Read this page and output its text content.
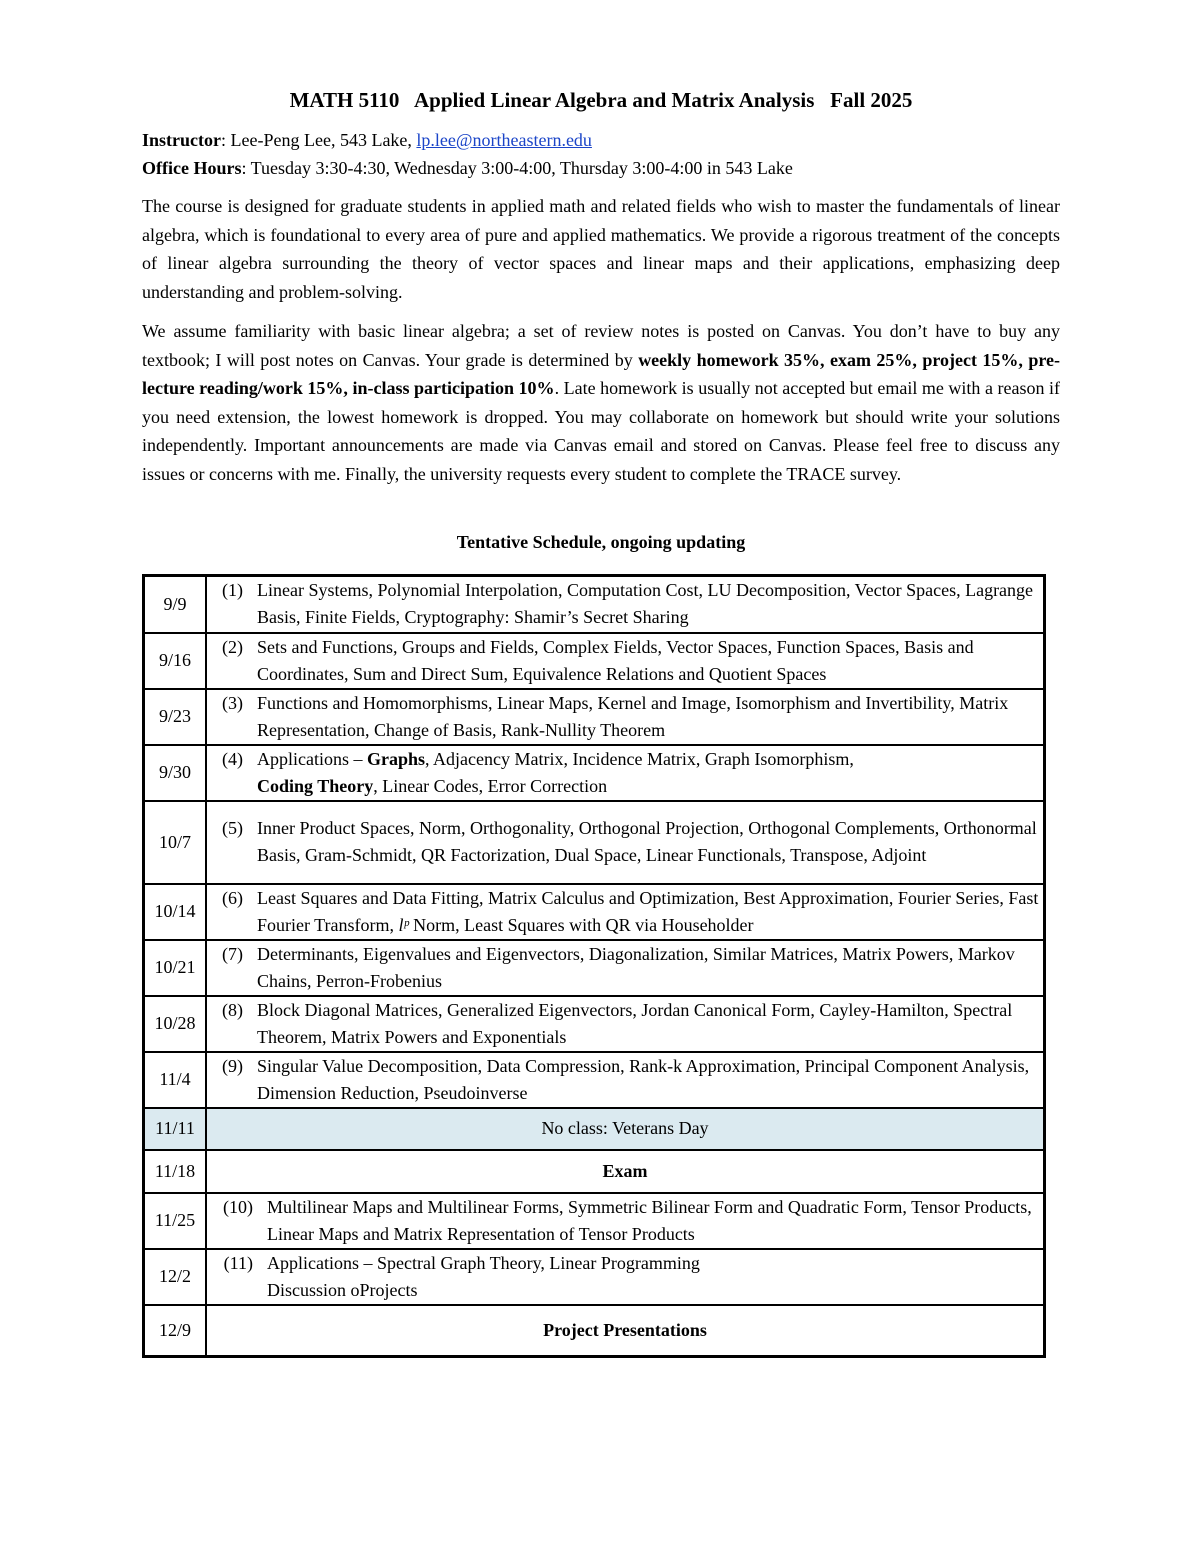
MATH 5110   Applied Linear Algebra and Matrix Analysis   Fall 2025
Instructor: Lee-Peng Lee, 543 Lake, lp.lee@northeastern.edu
Office Hours: Tuesday 3:30-4:30, Wednesday 3:00-4:00, Thursday 3:00-4:00 in 543 Lake
The course is designed for graduate students in applied math and related fields who wish to master the fundamentals of linear algebra, which is foundational to every area of pure and applied mathematics. We provide a rigorous treatment of the concepts of linear algebra surrounding the theory of vector spaces and linear maps and their applications, emphasizing deep understanding and problem-solving.
We assume familiarity with basic linear algebra; a set of review notes is posted on Canvas. You don’t have to buy any textbook; I will post notes on Canvas. Your grade is determined by weekly homework 35%, exam 25%, project 15%, pre-lecture reading/work 15%, in-class participation 10%. Late homework is usually not accepted but email me with a reason if you need extension, the lowest homework is dropped. You may collaborate on homework but should write your solutions independently. Important announcements are made via Canvas email and stored on Canvas. Please feel free to discuss any issues or concerns with me. Finally, the university requests every student to complete the TRACE survey.
Tentative Schedule, ongoing updating
9/9	(1) Linear Systems, Polynomial Interpolation, Computation Cost, LU Decomposition, Vector Spaces, Lagrange Basis, Finite Fields, Cryptography: Shamir’s Secret Sharing

9/16	(2) Sets and Functions, Groups and Fields, Complex Fields, Vector Spaces, Function Spaces, Basis and Coordinates, Sum and Direct Sum, Equivalence Relations and Quotient Spaces

9/23	(3) Functions and Homomorphisms, Linear Maps, Kernel and Image, Isomorphism and Invertibility, Matrix Representation, Change of Basis, Rank-Nullity Theorem

9/30	(4) Applications – Graphs, Adjacency Matrix, Incidence Matrix, Graph Isomorphism,
Coding Theory, Linear Codes, Error Correction

10/7	(5) Inner Product Spaces, Norm, Orthogonality, Orthogonal Projection, Orthogonal Complements, Orthonormal Basis, Gram-Schmidt, QR Factorization, Dual Space, Linear Functionals, Transpose, Adjoint

10/14	(6) Least Squares and Data Fitting, Matrix Calculus and Optimization, Best Approximation, Fourier Series, Fast Fourier Transform, lᵖ Norm, Least Squares with QR via Householder

10/21	(7) Determinants, Eigenvalues and Eigenvectors, Diagonalization, Similar Matrices, Matrix Powers, Markov Chains, Perron-Frobenius

10/28	(8) Block Diagonal Matrices, Generalized Eigenvectors, Jordan Canonical Form, Cayley-Hamilton, Spectral Theorem, Matrix Powers and Exponentials

11/4	(9) Singular Value Decomposition, Data Compression, Rank-k Approximation, Principal Component Analysis, Dimension Reduction, Pseudoinverse

11/11	No class: Veterans Day
11/18	Exam
11/25	(10) Multilinear Maps and Multilinear Forms, Symmetric Bilinear Form and Quadratic Form, Tensor Products, Linear Maps and Matrix Representation of Tensor Products

12/2	(11) Applications – Spectral Graph Theory, Linear Programming
Discussion oProjects

12/9	Project Presentations
